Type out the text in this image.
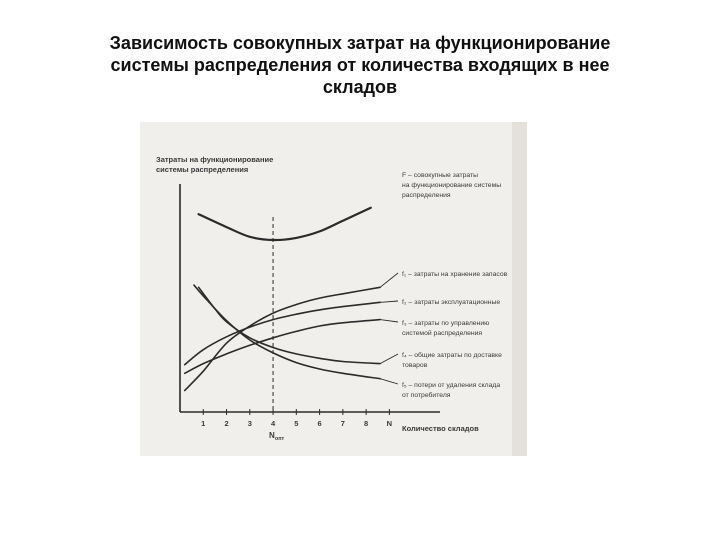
Зависимость совокупных затрат на функционирование
системы распределения от количества входящих в нее
складов
Затраты на функционирование
системы распределения
1	2	3	4	5	6	7	8 N
Количество складов
$N_{опт}$
F – совокупные затраты
на функционирование системы
распределения
f₁ – затраты на хранение запасов
f₂ – затраты эксплуатационные
f₃ – затраты по управлению
системой распределения
f₄ – общие затраты по доставке
товаров
f₅ – потери от удаления склада
от потребителя
